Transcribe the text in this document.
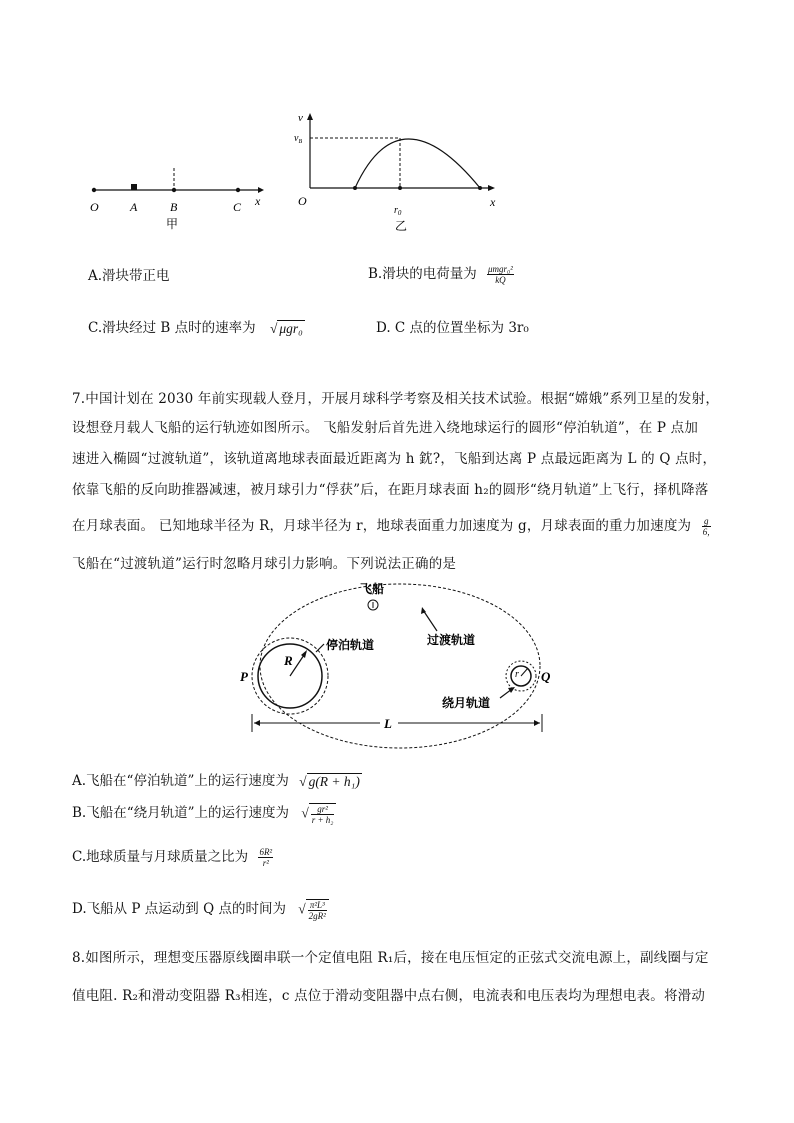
O	A	B	C x
甲
v
$v_B$
O
$r_0$
x
乙
A.滑块带正电	B.滑块的电荷量为 $\frac{\text{μmgr₀²}}{kQ}$
C.滑块经过 B 点时的速率为 √ μgr₀	D. C 点的位置坐标为 3r₀
7.中国计划在 2030 年前实现载人登月，开展月球科学考察及相关技术试验。根据“嫦娥”系列卫星的发射，
设想登月载人飞船的运行轨迹如图所示。 飞船发射后首先进入绕地球运行的圆形“停泊轨道”，在 P 点加
速进入椭圆“过渡轨道”，该轨道离地球表面最近距离为 h 鈂?，飞船到达离 P 点最远距离为 L 的 Q 点时，
依靠飞船的反向助推器减速，被月球引力“俘获”后，在距月球表面 h₂的圆形“绕月轨道”上飞行，择机降落
在月球表面。 已知地球半径为 R，月球半径为 r，地球表面重力加速度为 g，月球表面的重力加速度为 $\frac{g}{6,}$
飞船在“过渡轨道”运行时忽略月球引力影响。下列说法正确的是
R
P	r Q
飞船
停泊轨道	过渡轨道
绕月轨道
L
A.飞船在“停泊轨道”上的运行速度为 √ g(R + h₁)
B.飞船在“绕月轨道”上的运行速度为 √ $\frac{\text{gr²}}{\text{r + h₂}}$
C.地球质量与月球质量之比为 $\frac{\text{6R²}}{\text{r²}}$
D.飞船从 P 点运动到 Q 点的时间为 √ $\frac{\text{π²L³}}{\text{2gR²}}$
8.如图所示，理想变压器原线圈串联一个定值电阻 R₁后，接在电压恒定的正弦式交流电源上，副线圈与定
值电阻. R₂和滑动变阻器 R₃相连，c 点位于滑动变阻器中点右侧，电流表和电压表均为理想电表。将滑动
